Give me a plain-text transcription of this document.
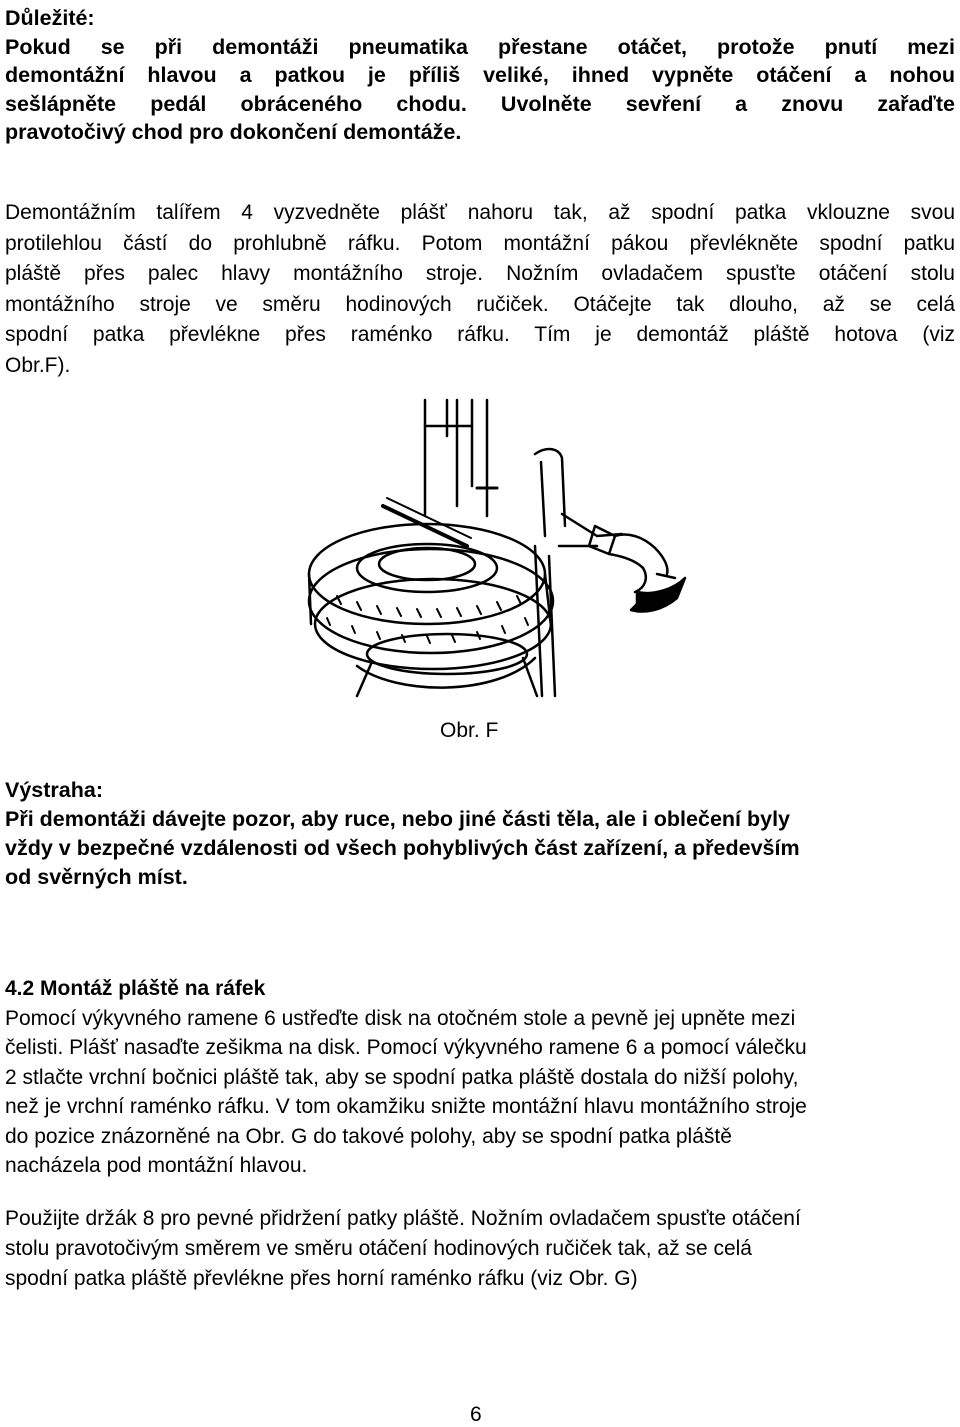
Důležité:
Pokud se při demontáži pneumatika přestane otáčet, protože pnutí mezi
demontážní hlavou a patkou je příliš veliké, ihned vypněte otáčení a nohou
sešlápněte pedál obráceného chodu. Uvolněte sevření a znovu zařaďte
pravotočivý chod pro dokončení demontáže.
Demontážním talířem 4 vyzvedněte plášť nahoru tak, až spodní patka vklouzne svou
protilehlou částí do prohlubně ráfku. Potom montážní pákou převlékněte spodní patku
pláště přes palec hlavy montážního stroje. Nožním ovladačem spusťte otáčení stolu
montážního stroje ve směru hodinových ručiček. Otáčejte tak dlouho, až se celá
spodní patka převlékne přes raménko ráfku. Tím je demontáž pláště hotova (viz
Obr.F).
Obr. F
Výstraha:
Při demontáži dávejte pozor, aby ruce, nebo jiné části těla, ale i oblečení byly
vždy v bezpečné vzdálenosti od všech pohyblivých část zařízení, a především
od svěrných míst.
4.2 Montáž pláště na ráfek
Pomocí výkyvného ramene 6 ustřeďte disk na otočném stole a pevně jej upněte mezi
čelisti. Plášť nasaďte zešikma na disk. Pomocí výkyvného ramene 6 a pomocí válečku
2 stlačte vrchní bočnici pláště tak, aby se spodní patka pláště dostala do nižší polohy,
než je vrchní raménko ráfku. V tom okamžiku snižte montážní hlavu montážního stroje
do pozice znázorněné na Obr. G do takové polohy, aby se spodní patka pláště
nacházela pod montážní hlavou.
Použijte držák 8 pro pevné přidržení patky pláště. Nožním ovladačem spusťte otáčení
stolu pravotočivým směrem ve směru otáčení hodinových ručiček tak, až se celá
spodní patka pláště převlékne přes horní raménko ráfku (viz Obr. G)
6
